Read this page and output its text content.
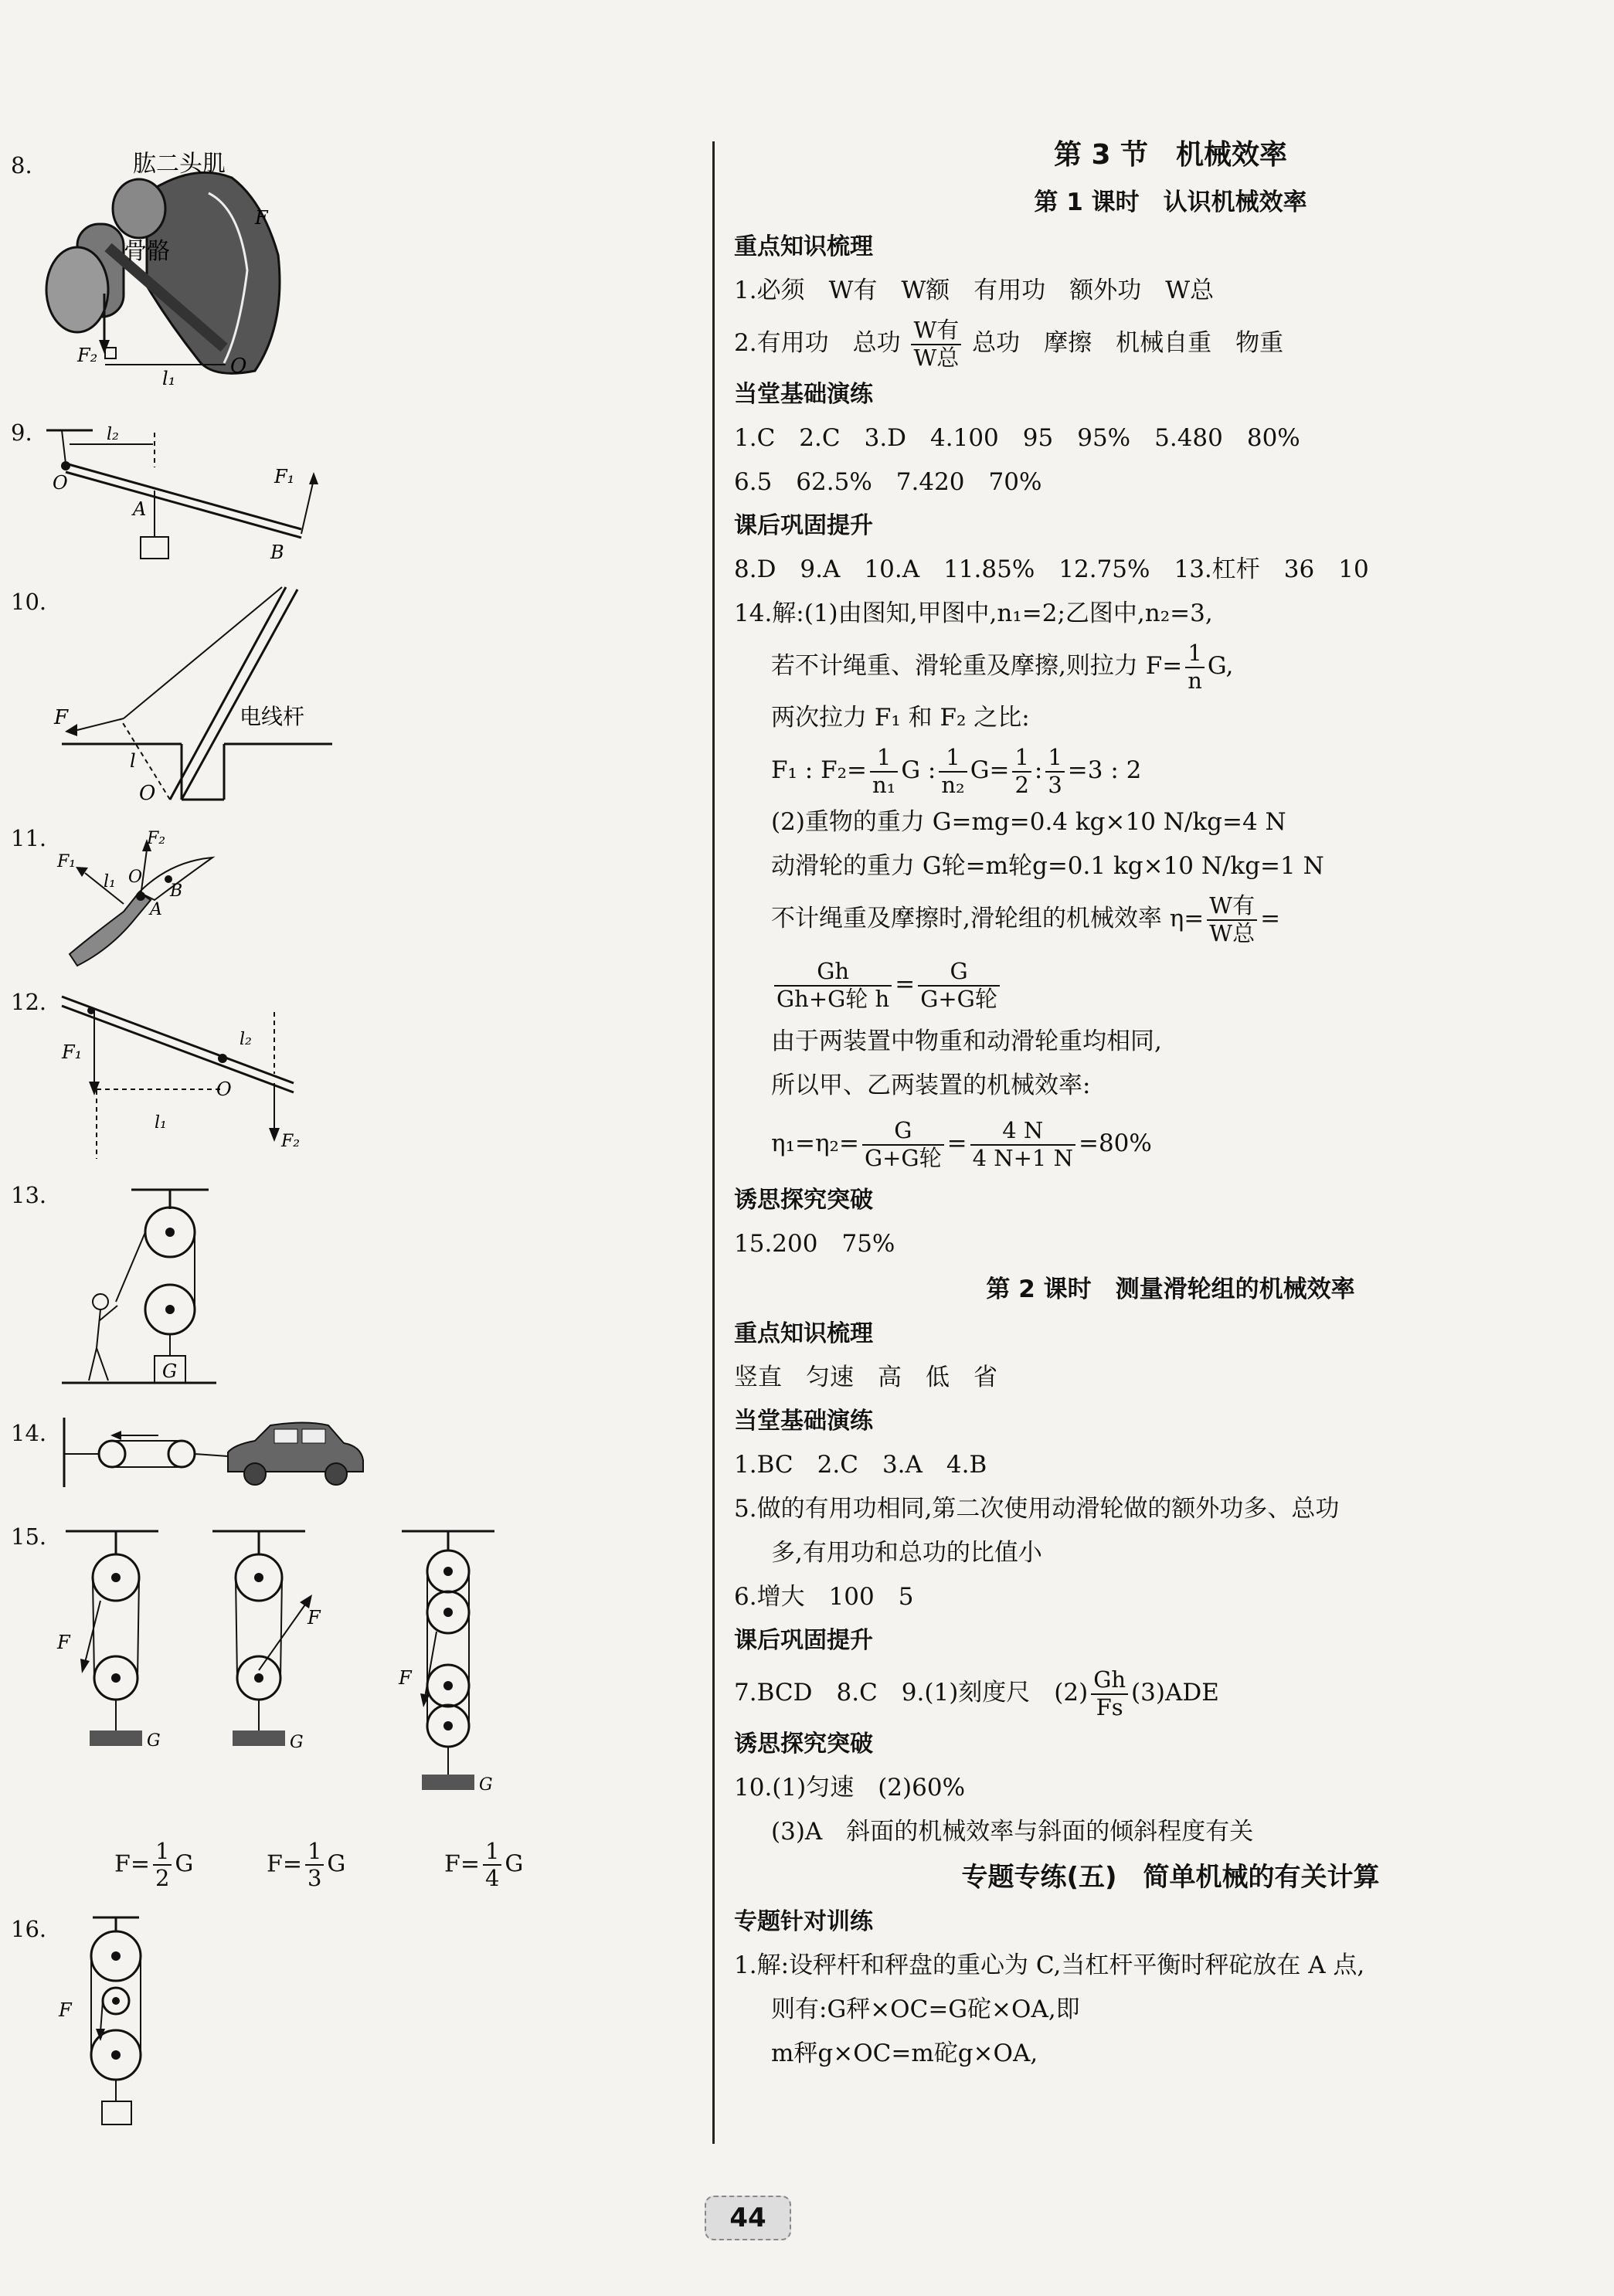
8.	肱二头肌
骨骼
F
F₂	O
l₁
9.	l₂
O
A
F₁
B
10.
F	电线杆
l
O
11.	F₂
F₁
l₁ O
B
A
12.
F₁
l₂
l₁
O
F₂
13.
G
14.
15.
F
G
F
G
F
G
$F= \frac{1}{2}$ G	$F= \frac{1}{3}$ G	$F= \frac{1}{4}$ G
16.
F
第 3 节　机械效率
第 1 课时　认识机械效率
重点知识梳理
1.必须　W有　W额　有用功　额外功　W总
2.有用功　总功 $\frac{\text{W有}}{\text{W总}}$ 总功　摩擦　机械自重　物重
当堂基础演练
1.C　2.C　3.D　4.100　95　95%　5.480　80%
6.5　62.5%　7.420　70%
课后巩固提升
8.D　9.A　10.A　11.85%　12.75%　13.杠杆　36　10
14.解:(1)由图知,甲图中,n₁=2;乙图中,n₂=3,
若不计绳重、滑轮重及摩擦,则拉力 $F= \frac{1}{n} G$,
两次拉力 F₁ 和 F₂ 之比:
F₁ : $F_2= \frac{1}{\text{n₁}}$ G : $\frac{1}{\text{n₂}} G= \frac{1}{2}$ : $\frac{1}{3} =3$ : 2
(2)重物的重力 G=mg=0.4 kg×10 N/kg=4 N
动滑轮的重力 G轮=m轮g=0.1 kg×10 N/kg=1 N
不计绳重及摩擦时,滑轮组的机械效率 $\eta= \frac{\text{W有}}{\text{W总}}$ =
$\frac{Gh}{\text{Gh+G轮 h}} = \frac{G}{\text{G+G轮}}$
由于两装置中物重和动滑轮重均相同,
所以甲、乙两装置的机械效率:
$\eta_1=\eta_2= \frac{G}{\text{G+G轮}} = \frac{4 N}{4 N+1 N} =80\%$
诱思探究突破
15.200　75%
第 2 课时　测量滑轮组的机械效率
重点知识梳理
竖直　匀速　高　低　省
当堂基础演练
1.BC　2.C　3.A　4.B
5.做的有用功相同,第二次使用动滑轮做的额外功多、总功
多,有用功和总功的比值小
6.增大　100　5
课后巩固提升
7.BCD　8.C　9.(1)刻度尺　$(2) \frac{Gh}{Fs} (3)ADE$
诱思探究突破
10.(1)匀速　(2)60%
(3)A　斜面的机械效率与斜面的倾斜程度有关
专题专练(五)　简单机械的有关计算
专题针对训练
1.解:设秤杆和秤盘的重心为 C,当杠杆平衡时秤砣放在 A 点,
则有:G秤×OC=G砣×OA,即
m秤g×OC=m砣g×OA,
44
